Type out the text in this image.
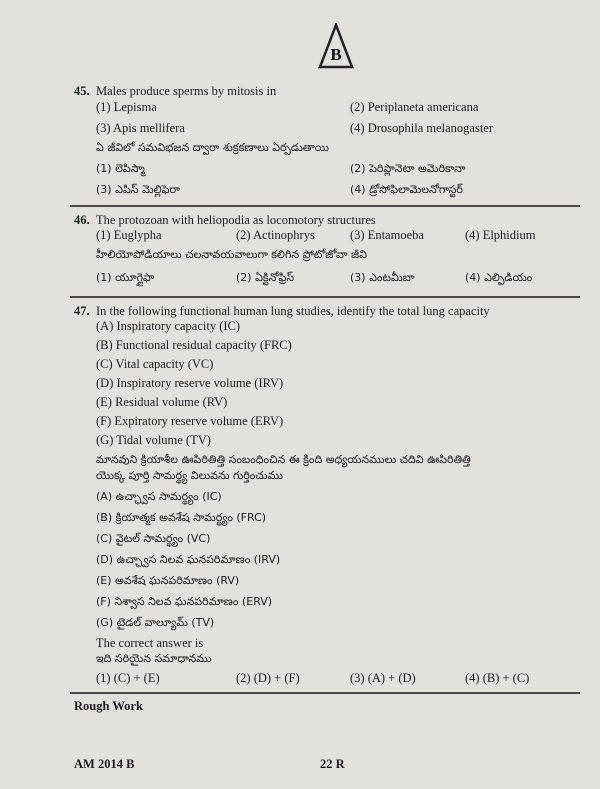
B
45. Males produce sperms by mitosis in
(1) Lepisma	(2) Periplaneta americana
(3) Apis mellifera	(4) Drosophila melanogaster
ఏ జీవిలో సమవిభజన ద్వారా శుక్రకణాలు ఏర్పడుతాయి
(1) లెపిస్మా	(2) పెరిప్లానెటా అమెరికానా
(3) ఎపిస్ మెల్లిఫెరా	(4) డ్రోసోఫిలామెలనోగాస్టర్
46. The protozoan with heliopodia as locomotory structures
(1) Euglypha	(2) Actinophrys	(3) Entamoeba	(4) Elphidium
హీలియోపోడియాలు చలనావయవాలుగా కలిగిన ప్రోటోజోవా జీవి
(1) యూగ్లైఫా	(2) ఏక్టినోఫ్రిస్	(3) ఎంటమీబా	(4) ఎల్ఫిడియం
47. In the following functional human lung studies, identify the total lung capacity
(A) Inspiratory capacity (IC)
(B) Functional residual capacity (FRC)
(C) Vital capacity (VC)
(D) Inspiratory reserve volume (IRV)
(E) Residual volume (RV)
(F) Expiratory reserve volume (ERV)
(G) Tidal volume (TV)
మానవుని క్రియాశీల ఊపిరితిత్తి సంబంధించిన ఈ క్రింది అధ్యయనములు చదివి ఊపిరితిత్తి
యొక్క పూర్తి సామర్థ్య విలువను గుర్తించుము
(A) ఉచ్ఛ్వాస సామర్థ్యం (IC)
(B) క్రియాత్మక అవశేష సామర్థ్యం (FRC)
(C) వైటల్ సామర్థ్యం (VC)
(D) ఉచ్ఛ్వాస నిలవ ఘనపరిమాణం (IRV)
(E) అవశేష ఘనపరిమాణం (RV)
(F) నిశ్వాస నిలవ ఘనపరిమాణం (ERV)
(G) టైడల్ వాల్యూమ్ (TV)
The correct answer is
ఇది సరియైన సమాధానము
(1) (C) + (E)	(2) (D) + (F)	(3) (A) + (D)	(4) (B) + (C)
Rough Work
AM 2014 B	22 R
